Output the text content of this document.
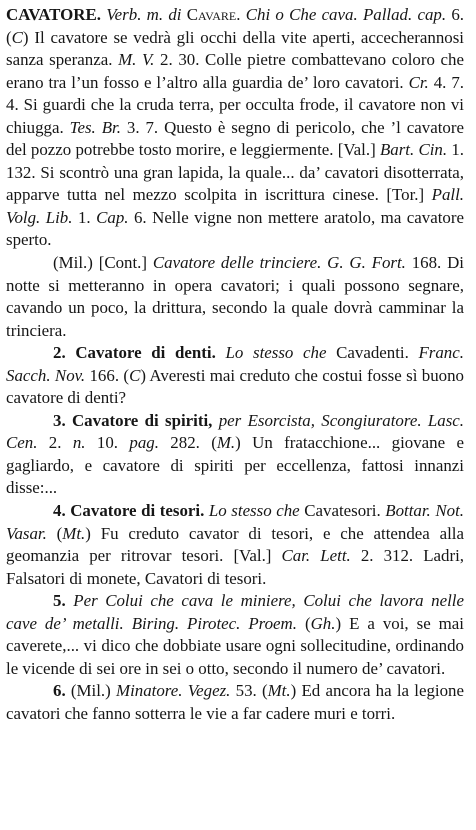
CAVATORE. Verb. m. di Cavare. Chi o Che cava. Pallad. cap. 6. (C) Il cavatore se vedrà gli occhi della vite aperti, accecherannosi sanza speranza. M. V. 2. 30. Colle pietre combattevano coloro che erano tra l’un fosso e l’altro alla guardia de’ loro cavatori. Cr. 4. 7. 4. Si guardi che la cruda terra, per occulta frode, il cavatore non vi chiugga. Tes. Br. 3. 7. Questo è segno di pericolo, che ’l cavatore del pozzo potrebbe tosto morire, e leggiermente. [Val.] Bart. Cin. 1. 132. Si scontrò una gran lapida, la quale... da’ cavatori disotterrata, apparve tutta nel mezzo scolpita in iscrittura cinese. [Tor.] Pall. Volg. Lib. 1. Cap. 6. Nelle vigne non mettere aratolo, ma cavatore sperto.

(Mil.) [Cont.] Cavatore delle trinciere. G. G. Fort. 168. Di notte si metteranno in opera cavatori; i quali possono segnare, cavando un poco, la drittura, secondo la quale dovrà camminar la trinciera.

2. Cavatore di denti. Lo stesso che Cavadenti. Franc. Sacch. Nov. 166. (C) Averesti mai creduto che costui fosse sì buono cavatore di denti?

3. Cavatore di spiriti, per Esorcista, Scongiuratore. Lasc. Cen. 2. n. 10. pag. 282. (M.) Un fratacchione... giovane e gagliardo, e cavatore di spiriti per eccellenza, fattosi innanzi disse:...

4. Cavatore di tesori. Lo stesso che Cavatesori. Bottar. Not. Vasar. (Mt.) Fu creduto cavator di tesori, e che attendea alla geomanzia per ritrovar tesori. [Val.] Car. Lett. 2. 312. Ladri, Falsatori di monete, Cavatori di tesori.

5. Per Colui che cava le miniere, Colui che lavora nelle cave de’ metalli. Biring. Pirotec. Proem. (Gh.) E a voi, se mai caverete,... vi dico che dobbiate usare ogni sollecitudine, ordinando le vicende di sei ore in sei o otto, secondo il numero de’ cavatori.

6. (Mil.) Minatore. Vegez. 53. (Mt.) Ed ancora ha la legione cavatori che fanno sotterra le vie a far cadere muri e torri.
